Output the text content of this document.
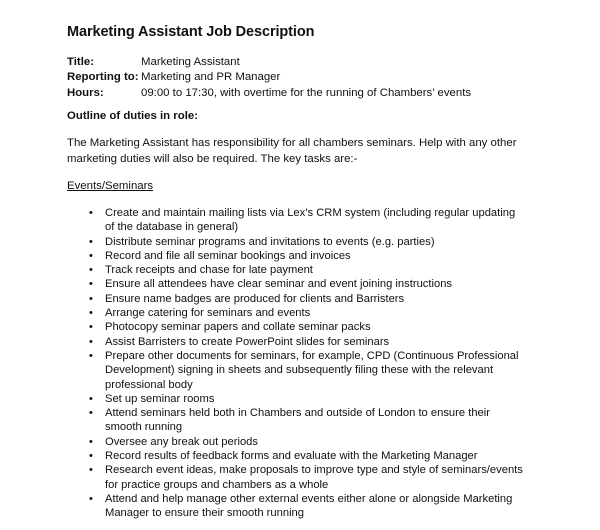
Marketing Assistant Job Description
Title:	Marketing Assistant
Reporting to: Marketing and PR Manager
Hours:	09:00 to 17:30, with overtime for the running of Chambers’ events
Outline of duties in role:
The Marketing Assistant has responsibility for all chambers seminars. Help with any other marketing duties will also be required. The key tasks are:-
Events/Seminars
• Create and maintain mailing lists via Lex’s CRM system (including regular updating of the database in general)
• Distribute seminar programs and invitations to events (e.g. parties)
• Record and file all seminar bookings and invoices
• Track receipts and chase for late payment
• Ensure all attendees have clear seminar and event joining instructions
• Ensure name badges are produced for clients and Barristers
• Arrange catering for seminars and events
• Photocopy seminar papers and collate seminar packs
• Assist Barristers to create PowerPoint slides for seminars
• Prepare other documents for seminars, for example, CPD (Continuous Professional Development) signing in sheets and subsequently filing these with the relevant professional body
• Set up seminar rooms
• Attend seminars held both in Chambers and outside of London to ensure their smooth running
• Oversee any break out periods
• Record results of feedback forms and evaluate with the Marketing Manager
• Research event ideas, make proposals to improve type and style of seminars/events for practice groups and chambers as a whole
• Attend and help manage other external events either alone or alongside Marketing Manager to ensure their smooth running
